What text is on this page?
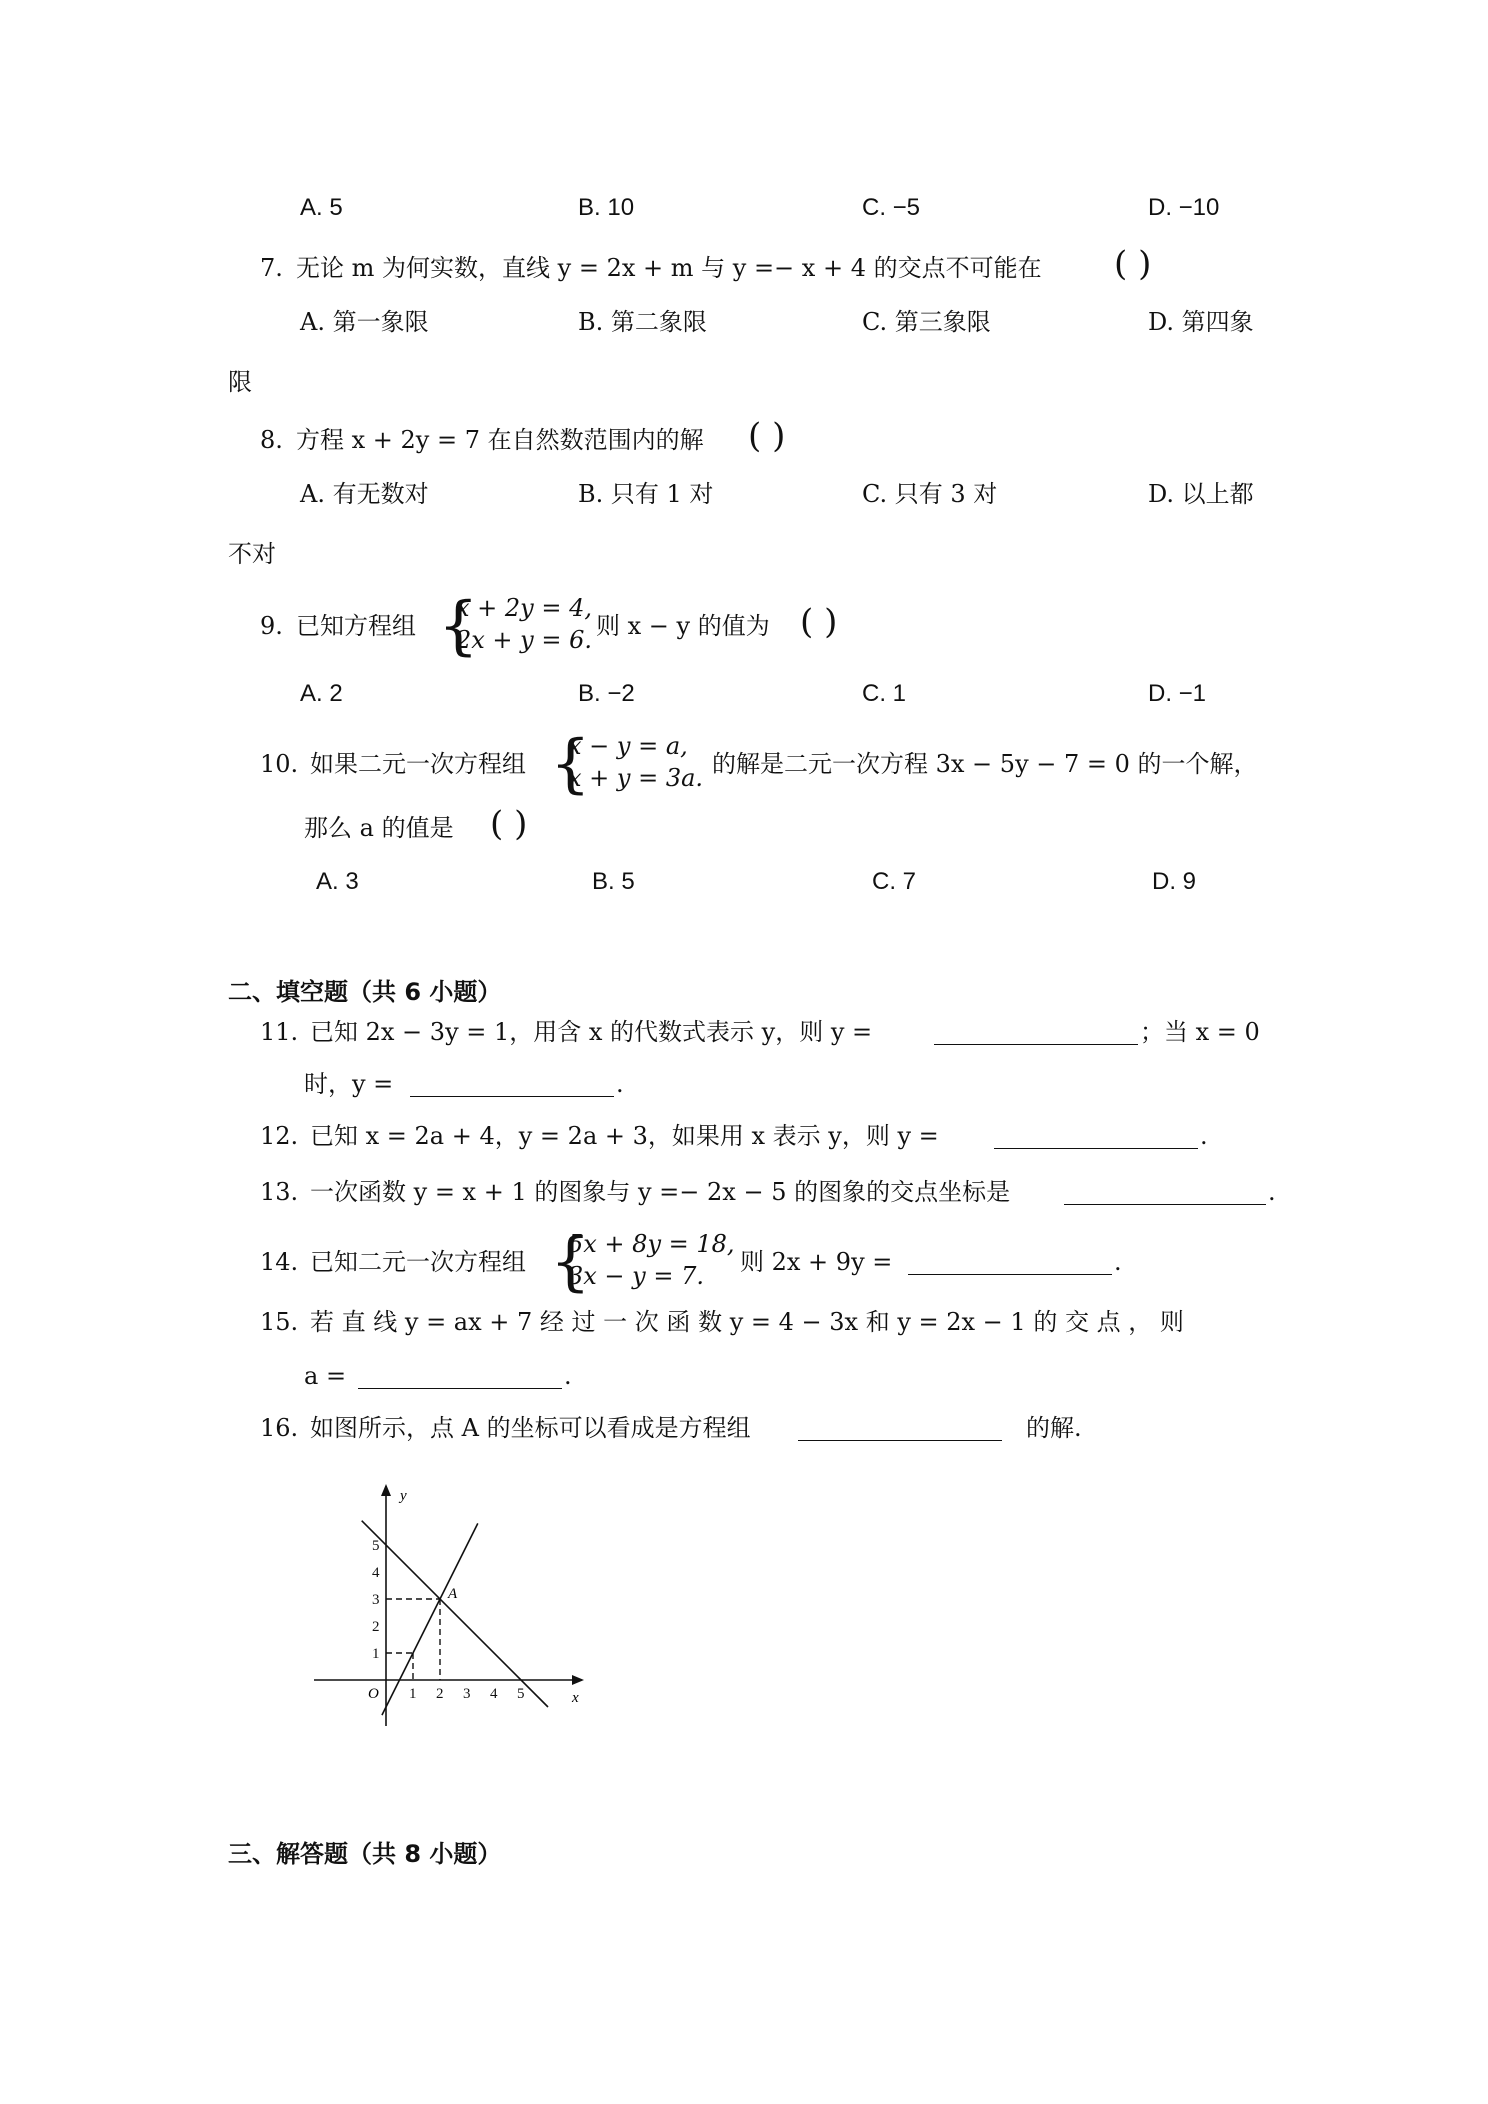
A. 5	B. 10	C. −5	D. −10
7. 无论 m 为何实数，直线 y = 2x + m 与 y =− x + 4 的交点不可能在 ( )
A. 第一象限	B. 第二象限	C. 第三象限	D. 第四象
限
8. 方程 x + 2y = 7 在自然数范围内的解 ( )
A. 有无数对	B. 只有 1 对	C. 只有 3 对	D. 以上都
不对
9. 已知方程组 {
x + 2y = 4,
2x + y = 6. 则 x − y 的值为 ( )
A. 2	B. −2	C. 1	D. −1
10. 如果二元一次方程组 {
x − y = a,
x + y = 3a. 的解是二元一次方程 3x − 5y − 7 = 0 的一个解，
那么 a 的值是 ( )
A. 3	B. 5	C. 7	D. 9
二、填空题（共 6 小题）
11. 已知 2x − 3y = 1，用含 x 的代数式表示 y，则 y =	；当 x = 0
时，y =	.
12. 已知 x = 2a + 4，y = 2a + 3，如果用 x 表示 y，则 y =	.
13. 一次函数 y = x + 1 的图象与 y =− 2x − 5 的图象的交点坐标是	.
14. 已知二元一次方程组 {
5x + 8y = 18,
3x − y = 7. 则 2x + 9y =	.
15. 若 直 线 y = ax + 7 经 过 一 次 函 数 y = 4 − 3x 和 y = 2x − 1 的 交 点 ， 则
a =	.
16. 如图所示，点 A 的坐标可以看成是方程组	的解.
1 2 3 4 5
1
2
3
4
5
y
x
O
A
三、解答题（共 8 小题）
